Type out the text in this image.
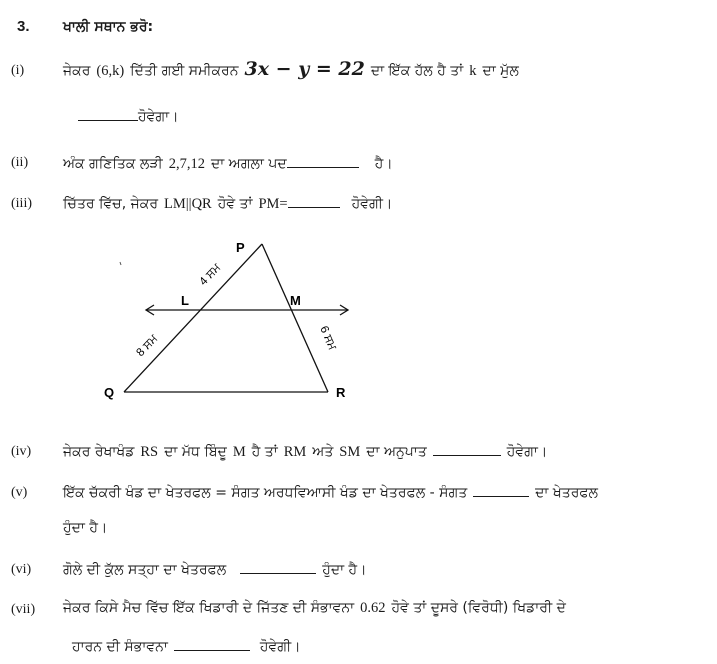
3. ਖਾਲੀ ਸਥਾਨ ਭਰੋ:
(i)	ਜੇਕਰ (6,k) ਦਿੱਤੀ ਗਈ ਸਮੀਕਰਨ 3x − y = 22 ਦਾ ਇੱਕ ਹੱਲ ਹੈ ਤਾਂ k ਦਾ ਮੁੱਲ
ਹੋਵੇਗਾ।
(ii) ਅੰਕ ਗਣਿਤਿਕ ਲੜੀ 2,7,12 ਦਾ ਅਗਲਾ ਪਦ	ਹੈ।
(iii) ਚਿੱਤਰ ਵਿੱਚ, ਜੇਕਰ LM||QR ਹੋਵੇ ਤਾਂ PM=	ਹੋਵੇਗੀ।
P
L	M
Q	R
4 ਸਮ
8 ਸਮ	6 ਸਮ
(iv) ਜੇਕਰ ਰੇਖਾਖੰਡ RS ਦਾ ਮੱਧ ਬਿੰਦੂ M ਹੈ ਤਾਂ RM ਅਤੇ SM ਦਾ ਅਨੁਪਾਤ	ਹੋਵੇਗਾ।
(v)	ਇੱਕ ਚੱਕਰੀ ਖੰਡ ਦਾ ਖੇਤਰਫਲ = ਸੰਗਤ ਅਰਧਵਿਆਸੀ ਖੰਡ ਦਾ ਖੇਤਰਫਲ - ਸੰਗਤ	ਦਾ ਖੇਤਰਫਲ
ਹੁੰਦਾ ਹੈ।
(vi) ਗੋਲੇ ਦੀ ਕੁੱਲ ਸਤ੍ਹਾ ਦਾ ਖੇਤਰਫਲ	ਹੁੰਦਾ ਹੈ।
(vii) ਜੇਕਰ ਕਿਸੇ ਮੈਚ ਵਿੱਚ ਇੱਕ ਖਿਡਾਰੀ ਦੇ ਜਿੱਤਣ ਦੀ ਸੰਭਾਵਨਾ 0.62 ਹੋਵੇ ਤਾਂ ਦੂਸਰੇ (ਵਿਰੋਧੀ) ਖਿਡਾਰੀ ਦੇ
ਹਾਰਨ ਦੀ ਸੰਭਾਵਨਾ	ਹੋਵੇਗੀ।
